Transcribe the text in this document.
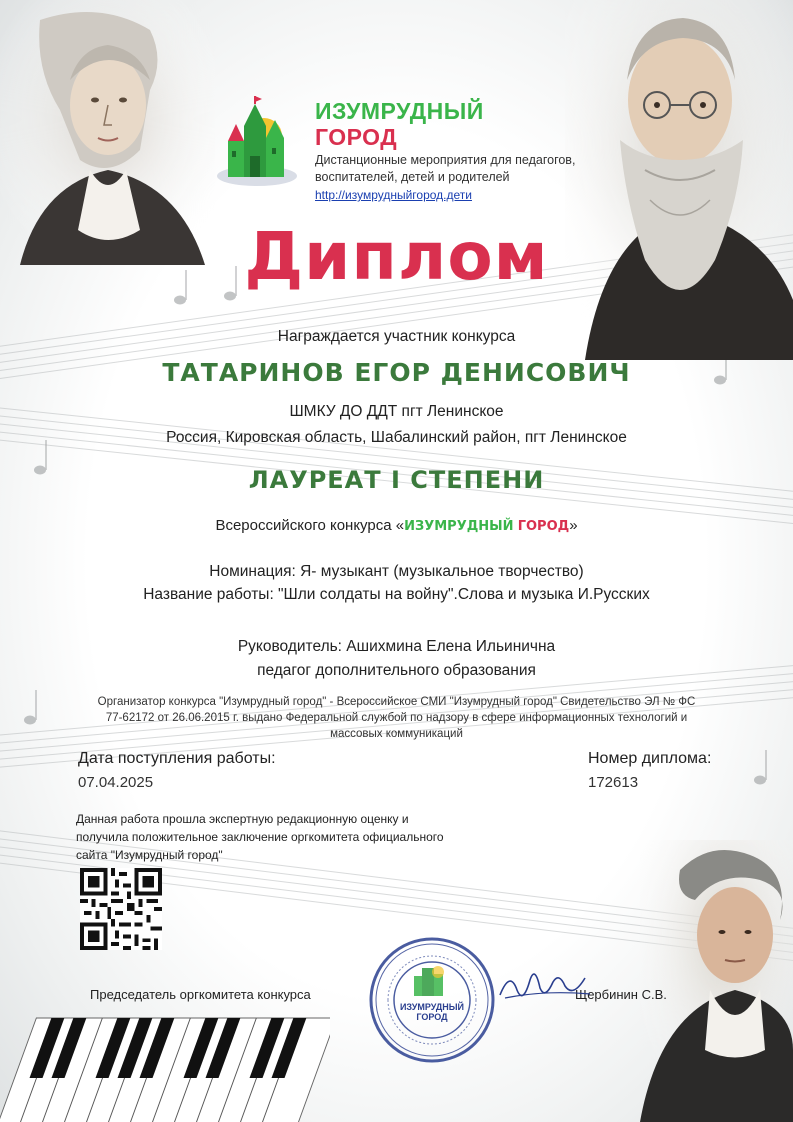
ИЗУМРУДНЫЙ
ГОРОД
Дистанционные мероприятия для педагогов, воспитателей, детей и родителей
http://изумрудныйгород.дети
Диплом
Награждается участник конкурса
ТАТАРИНОВ ЕГОР ДЕНИСОВИЧ
ШМКУ ДО ДДТ пгт Ленинское
Россия, Кировская область, Шабалинский район, пгт Ленинское
ЛАУРЕАТ I СТЕПЕНИ
Всероссийского конкурса «ИЗУМРУДНЫЙ ГОРОД»
Номинация: Я- музыкант (музыкальное творчество)
Название работы: "Шли солдаты на войну".Слова и музыка И.Русских
Руководитель: Ашихмина Елена Ильинична
педагог дополнительного образования
Организатор конкурса "Изумрудный город" - Всероссийское СМИ "Изумрудный город" Свидетельство ЭЛ № ФС 77-62172 от 26.06.2015 г. выдано Федеральной службой по надзору в сфере информационных технологий и массовых коммуникаций
Дата поступления работы:
07.04.2025
Номер диплома:
172613
Данная работа прошла экспертную редакционную оценку и получила положительное заключение оргкомитета официального сайта "Изумрудный город"
Председатель оргкомитета конкурса	Щербинин С.В.
ИЗУМРУДНЫЙ
ГОРОД
